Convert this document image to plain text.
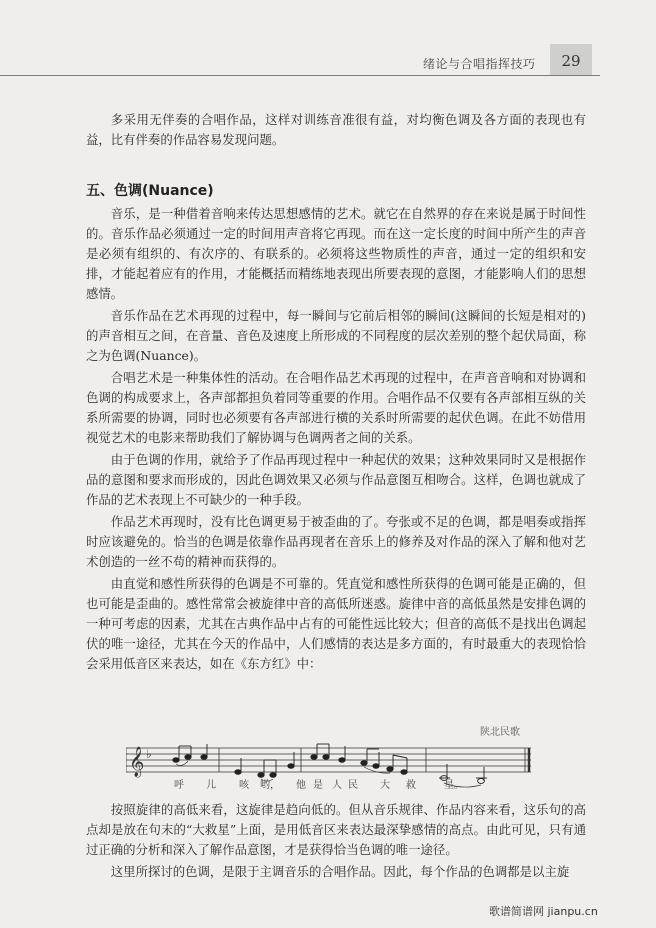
绪论与合唱指挥技巧	29

多采用无伴奏的合唱作品，这样对训练音准很有益，对均衡色调及各方面的表现也有益，比有伴奏的作品容易发现问题。

五、色调(Nuance)

音乐，是一种借着音响来传达思想感情的艺术。就它在自然界的存在来说是属于时间性的。音乐作品必须通过一定的时间用声音将它再现。而在这一定长度的时间中所产生的声音是必须有组织的、有次序的、有联系的。必须将这些物质性的声音，通过一定的组织和安排，才能起着应有的作用，才能概括而精练地表现出所要表现的意图，才能影响人们的思想感情。

音乐作品在艺术再现的过程中，每一瞬间与它前后相邻的瞬间(这瞬间的长短是相对的)的声音相互之间，在音量、音色及速度上所形成的不同程度的层次差别的整个起伏局面，称之为色调(Nuance)。

合唱艺术是一种集体性的活动。在合唱作品艺术再现的过程中，在声音音响和对协调和色调的构成要求上，各声部都担负着同等重要的作用。合唱作品不仅要有各声部相互纵的关系所需要的协调，同时也必须要有各声部进行横的关系时所需要的起伏色调。在此不妨借用视觉艺术的电影来帮助我们了解协调与色调两者之间的关系。

由于色调的作用，就给予了作品再现过程中一种起伏的效果；这种效果同时又是根据作品的意图和要求而形成的，因此色调效果又必须与作品意图互相吻合。这样，色调也就成了作品的艺术表现上不可缺少的一种手段。

作品艺术再现时，没有比色调更易于被歪曲的了。夸张或不足的色调，都是唱奏或指挥时应该避免的。恰当的色调是依靠作品再现者在音乐上的修养及对作品的深入了解和他对艺术创造的一丝不苟的精神而获得的。

由直觉和感性所获得的色调是不可靠的。凭直觉和感性所获得的色调可能是正确的，但也可能是歪曲的。感性常常会被旋律中音的高低所迷惑。旋律中音的高低虽然是安排色调的一种可考虑的因素，尤其在古典作品中占有的可能性远比较大；但音的高低不是找出色调起伏的唯一途径，尤其在今天的作品中，人们感情的表达是多方面的，有时最重大的表现恰恰会采用低音区来表达，如在《东方红》中：

陕北民歌
𝄞 ♭
呼 儿 咳 哟， 他 是 人 民 大 救	星。

按照旋律的高低来看，这旋律是趋向低的。但从音乐规律、作品内容来看，这乐句的高点却是放在句末的“大救星”上面，是用低音区来表达最深挚感情的高点。由此可见，只有通过正确的分析和深入了解作品意图，才是获得恰当色调的唯一途径。

这里所探讨的色调，是限于主调音乐的合唱作品。因此，每个作品的色调都是以主旋

歌谱简谱网 jianpu.cn
